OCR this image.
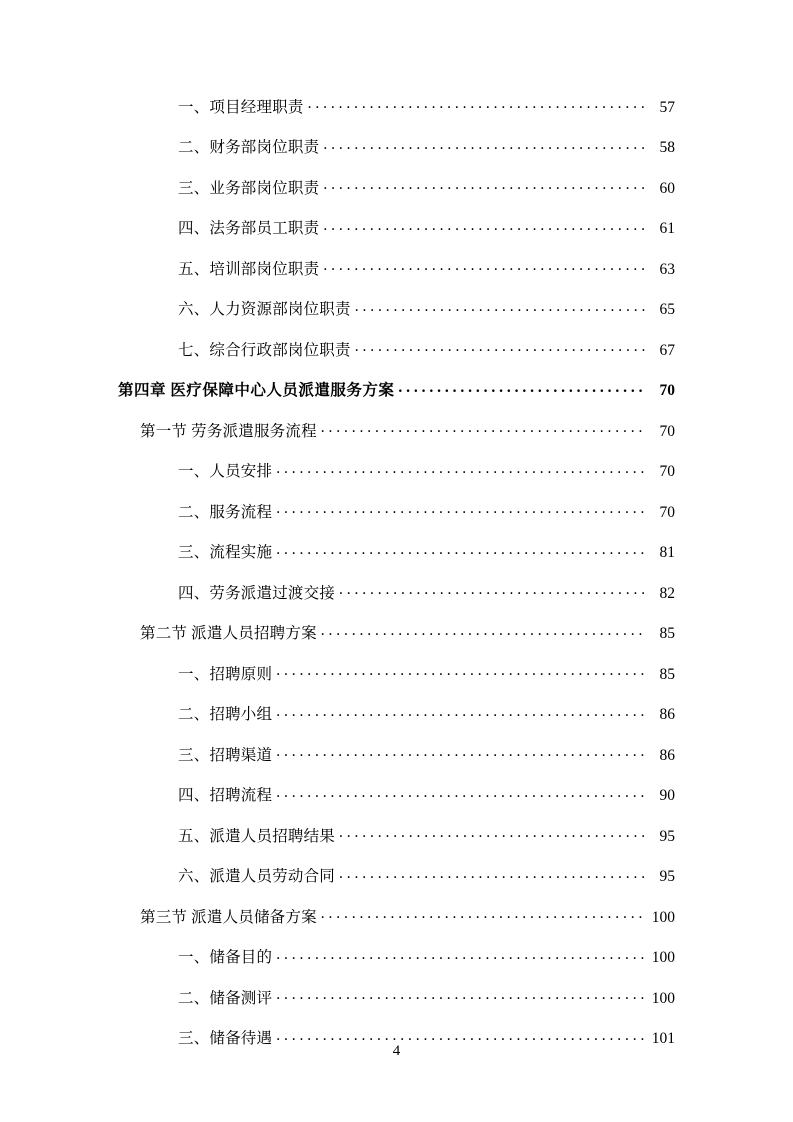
一、项目经理职责 . . .	57
二、财务部岗位职责 . . .	58
三、业务部岗位职责 . . .	60
四、法务部员工职责 . . .	61
五、培训部岗位职责 . . .	63
六、人力资源部岗位职责 . . .	65
七、综合行政部岗位职责 . . .	67
第四章 医疗保障中心人员派遣服务方案 . . .	70
第一节 劳务派遣服务流程 . . .	70
一、人员安排 . . .	70
二、服务流程 . . .	70
三、流程实施 . . .	81
四、劳务派遣过渡交接 . . .	82
第二节 派遣人员招聘方案 . . .	85
一、招聘原则 . . .	85
二、招聘小组 . . .	86
三、招聘渠道 . . .	86
四、招聘流程 . . .	90
五、派遣人员招聘结果 . . .	95
六、派遣人员劳动合同 . . .	95
第三节 派遣人员储备方案 . . .	100
一、储备目的 . . .	100
二、储备测评 . . .	100
三、储备待遇 . . .	101
4
